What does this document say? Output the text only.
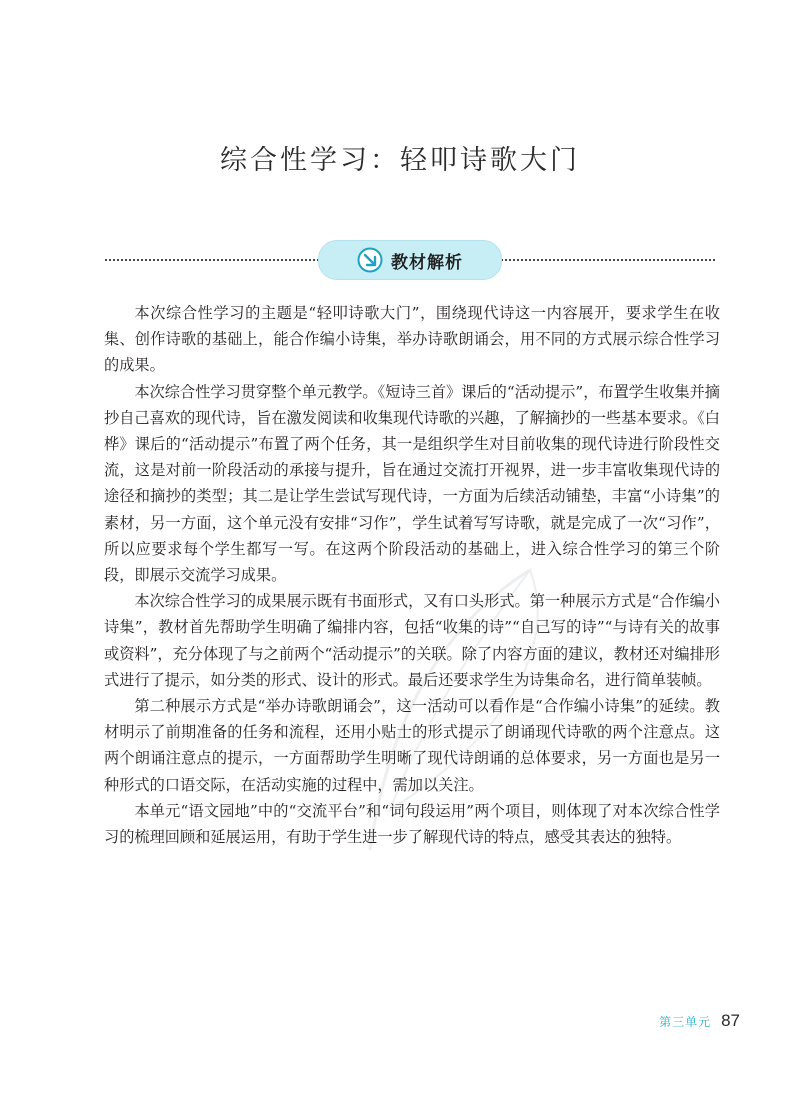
综合性学习：轻叩诗歌大门
教材解析

本次综合性学习的主题是“轻叩诗歌大门”，围绕现代诗这一内容展开，要求学生在收集、创作诗歌的基础上，能合作编小诗集，举办诗歌朗诵会，用不同的方式展示综合性学习的成果。

本次综合性学习贯穿整个单元教学。《短诗三首》课后的“活动提示”，布置学生收集并摘抄自己喜欢的现代诗，旨在激发阅读和收集现代诗歌的兴趣，了解摘抄的一些基本要求。《白桦》课后的“活动提示”布置了两个任务，其一是组织学生对目前收集的现代诗进行阶段性交流，这是对前一阶段活动的承接与提升，旨在通过交流打开视界，进一步丰富收集现代诗的途径和摘抄的类型；其二是让学生尝试写现代诗，一方面为后续活动铺垫，丰富“小诗集”的素材，另一方面，这个单元没有安排“习作”，学生试着写写诗歌，就是完成了一次“习作”，所以应要求每个学生都写一写。在这两个阶段活动的基础上，进入综合性学习的第三个阶段，即展示交流学习成果。

本次综合性学习的成果展示既有书面形式，又有口头形式。第一种展示方式是“合作编小诗集”，教材首先帮助学生明确了编排内容，包括“收集的诗”“自己写的诗”“与诗有关的故事或资料”，充分体现了与之前两个“活动提示”的关联。除了内容方面的建议，教材还对编排形式进行了提示，如分类的形式、设计的形式。最后还要求学生为诗集命名，进行简单装帧。

第二种展示方式是“举办诗歌朗诵会”，这一活动可以看作是“合作编小诗集”的延续。教材明示了前期准备的任务和流程，还用小贴士的形式提示了朗诵现代诗歌的两个注意点。这两个朗诵注意点的提示，一方面帮助学生明晰了现代诗朗诵的总体要求，另一方面也是另一种形式的口语交际，在活动实施的过程中，需加以关注。

本单元“语文园地”中的“交流平台”和“词句段运用”两个项目，则体现了对本次综合性学习的梳理回顾和延展运用，有助于学生进一步了解现代诗的特点，感受其表达的独特。

第三单元 87
